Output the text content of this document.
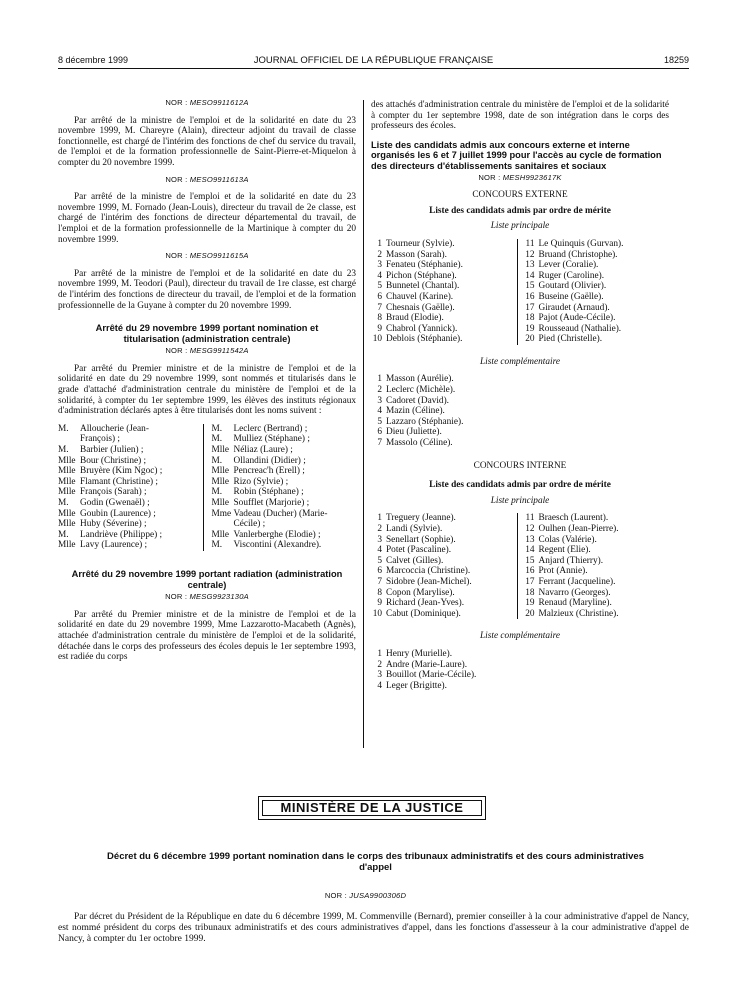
8 décembre 1999	JOURNAL OFFICIEL DE LA RÉPUBLIQUE FRANÇAISE	18259
NOR : MESO9911612A

Par arrêté de la ministre de l'emploi et de la solidarité en date du 23 novembre 1999, M. Chareyre (Alain), directeur adjoint du travail de classe fonctionnelle, est chargé de l'intérim des fonctions de chef du service du travail, de l'emploi et de la formation professionnelle de Saint-Pierre-et-Miquelon à compter du 20 novembre 1999.

NOR : MESO9911613A

Par arrêté de la ministre de l'emploi et de la solidarité en date du 23 novembre 1999, M. Fornado (Jean-Louis), directeur du travail de 2e classe, est chargé de l'intérim des fonctions de directeur départemental du travail, de l'emploi et de la formation professionnelle de la Martinique à compter du 20 novembre 1999.

NOR : MESO9911615A

Par arrêté de la ministre de l'emploi et de la solidarité en date du 23 novembre 1999, M. Teodori (Paul), directeur du travail de 1re classe, est chargé de l'intérim des fonctions de directeur du travail, de l'emploi et de la formation professionnelle de la Guyane à compter du 20 novembre 1999.

Arrêté du 29 novembre 1999 portant nomination et titularisation (administration centrale)
NOR : MESG9911542A

Par arrêté du Premier ministre et de la ministre de l'emploi et de la solidarité en date du 29 novembre 1999, sont nommés et titularisés dans le grade d'attaché d'administration centrale du ministère de l'emploi et de la solidarité, à compter du 1er septembre 1999, les élèves des instituts régionaux d'administration déclarés aptes à être titularisés dont les noms suivent :

M.	Alloucherie (Jean-
François) ;
M.	Barbier (Julien) ;
Mlle Bour (Christine) ;
Mlle Bruyère (Kim Ngoc) ;
Mlle Flamant (Christine) ;
Mlle François (Sarah) ;
M.	Godin (Gwenaël) ;
Mlle Goubin (Laurence) ;
Mlle Huby (Séverine) ;
M.	Landriève (Philippe) ;
Mlle Lavy (Laurence) ;
M.	Leclerc (Bertrand) ;
M.	Mulliez (Stéphane) ;
Mlle Néliaz (Laure) ;
M.	Ollandini (Didier) ;
Mlle Pencreac'h (Erell) ;
Mlle Rizo (Sylvie) ;
M.	Robin (Stéphane) ;
Mlle Soufflet (Marjorie) ;
Mme Vadeau (Ducher) (Marie-
Cécile) ;
Mlle Vanlerberghe (Elodie) ;
M.	Viscontini (Alexandre).
Arrêté du 29 novembre 1999 portant radiation (administration centrale)
NOR : MESG9923130A

Par arrêté du Premier ministre et de la ministre de l'emploi et de la solidarité en date du 29 novembre 1999, Mme Lazzarotto-Macabeth (Agnès), attachée d'administration centrale du ministère de l'emploi et de la solidarité, détachée dans le corps des professeurs des écoles depuis le 1er septembre 1993, est radiée du corps

des attachés d'administration centrale du ministère de l'emploi et de la solidarité à compter du 1er septembre 1998, date de son intégration dans le corps des professeurs des écoles.

Liste des candidats admis aux concours externe et interne organisés les 6 et 7 juillet 1999 pour l'accès au cycle de formation des directeurs d'établissements sanitaires et sociaux
NOR : MESH9923617K
CONCOURS EXTERNE
Liste des candidats admis par ordre de mérite
Liste principale
1 Tourneur (Sylvie).
2 Masson (Sarah).
3 Fenateu (Stéphanie).
4 Pichon (Stéphane).
5 Bunnetel (Chantal).
6 Chauvel (Karine).
7 Chesnais (Gaëlle).
8 Braud (Elodie).
9 Chabrol (Yannick).
10 Deblois (Stéphanie).
11 Le Quinquis (Gurvan).
12 Bruand (Christophe).
13 Lever (Coralie).
14 Ruger (Caroline).
15 Goutard (Olivier).
16 Buseine (Gaëlle).
17 Giraudet (Arnaud).
18 Pajot (Aude-Cécile).
19 Rousseaud (Nathalie).
20 Pied (Christelle).
Liste complémentaire
1 Masson (Aurélie).
2 Leclerc (Michèle).
3 Cadoret (David).
4 Mazin (Céline).
5 Lazzaro (Stéphanie).
6 Dieu (Juliette).
7 Massolo (Céline).
CONCOURS INTERNE
Liste des candidats admis par ordre de mérite
Liste principale
1 Treguery (Jeanne).
2 Landi (Sylvie).
3 Senellart (Sophie).
4 Potet (Pascaline).
5 Calvet (Gilles).
6 Marcoccia (Christine).
7 Sidobre (Jean-Michel).
8 Copon (Marylise).
9 Richard (Jean-Yves).
10 Cabut (Dominique).
11 Braesch (Laurent).
12 Oulhen (Jean-Pierre).
13 Colas (Valérie).
14 Regent (Elie).
15 Anjard (Thierry).
16 Prot (Annie).
17 Ferrant (Jacqueline).
18 Navarro (Georges).
19 Renaud (Maryline).
20 Malzieux (Christine).
Liste complémentaire
1 Henry (Murielle).
2 Andre (Marie-Laure).
3 Bouillot (Marie-Cécile).
4 Leger (Brigitte).
MINISTÈRE DE LA JUSTICE
Décret du 6 décembre 1999 portant nomination dans le corps des tribunaux administratifs et des cours administratives d'appel
NOR : JUSA9900306D

Par décret du Président de la République en date du 6 décembre 1999, M. Commenville (Bernard), premier conseiller à la cour administrative d'appel de Nancy, est nommé président du corps des tribunaux administratifs et des cours administratives d'appel, dans les fonctions d'assesseur à la cour administrative d'appel de Nancy, à compter du 1er octobre 1999.
